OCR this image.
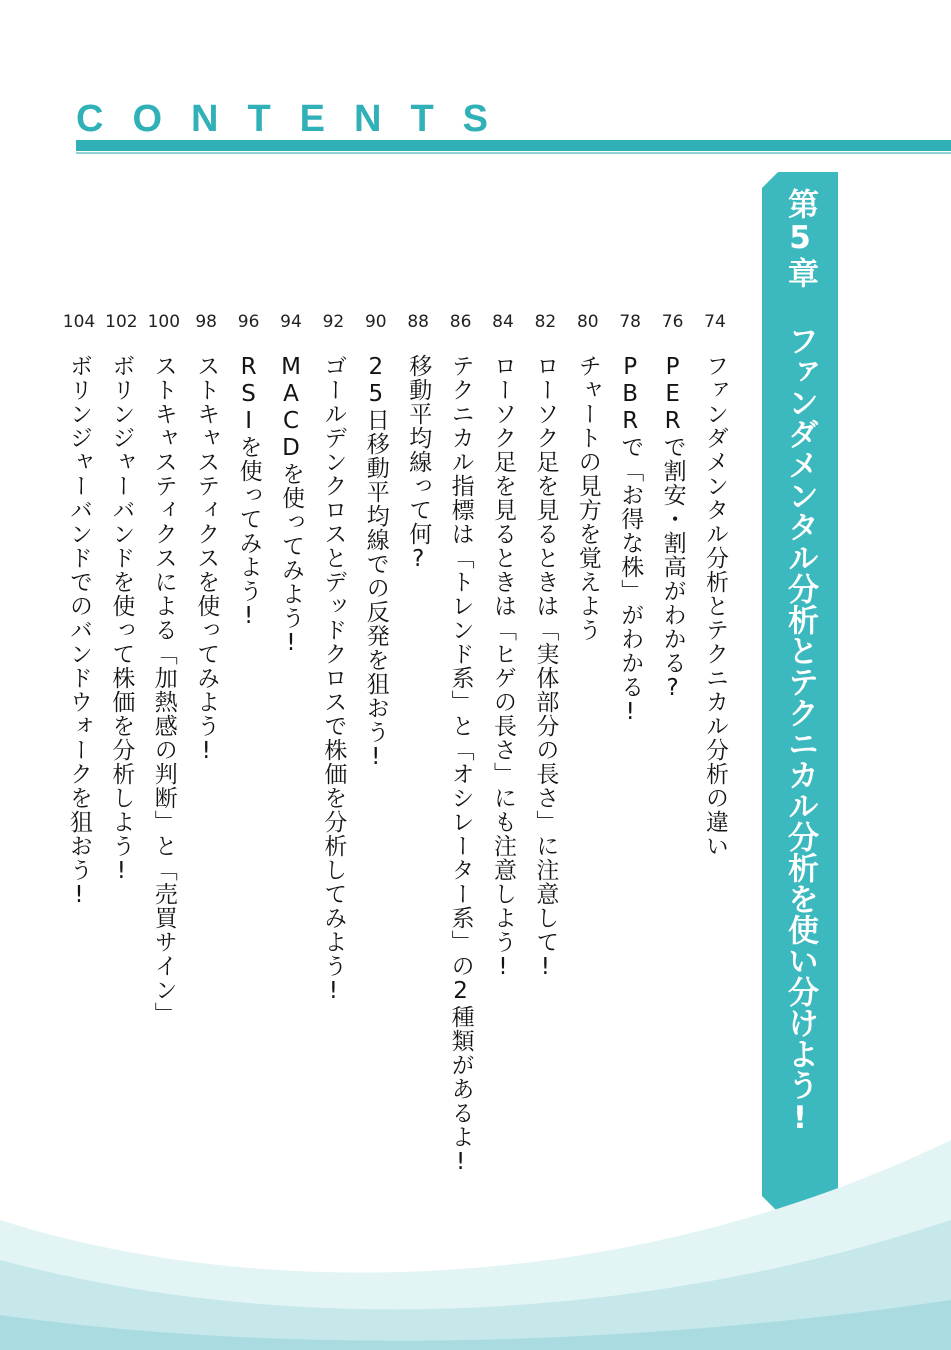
CONTENTS
第5章ファンダメンタル分析とテクニカル分析を使い分けよう!
74
ファンダメンタル分析とテクニカル分析の違い
76
PERで割安・割高がわかる?
78
PBRで「お得な株」がわかる!
80
チャートの見方を覚えよう
82
ローソク足を見るときは「実体部分の長さ」に注意して!
84
ローソク足を見るときは「ヒゲの長さ」にも注意しよう!
86
テクニカル指標は「トレンド系」と「オシレーター系」の2種類があるよ!
88
移動平均線って何?
90
25日移動平均線での反発を狙おう!
92
ゴールデンクロスとデッドクロスで株価を分析してみよう!
94
MACDを使ってみよう!
96
RSIを使ってみよう!
98
ストキャスティクスを使ってみよう!
100
ストキャスティクスによる「加熱感の判断」と「売買サイン」
102
ボリンジャーバンドを使って株価を分析しよう!
104
ボリンジャーバンドでのバンドウォークを狙おう!
